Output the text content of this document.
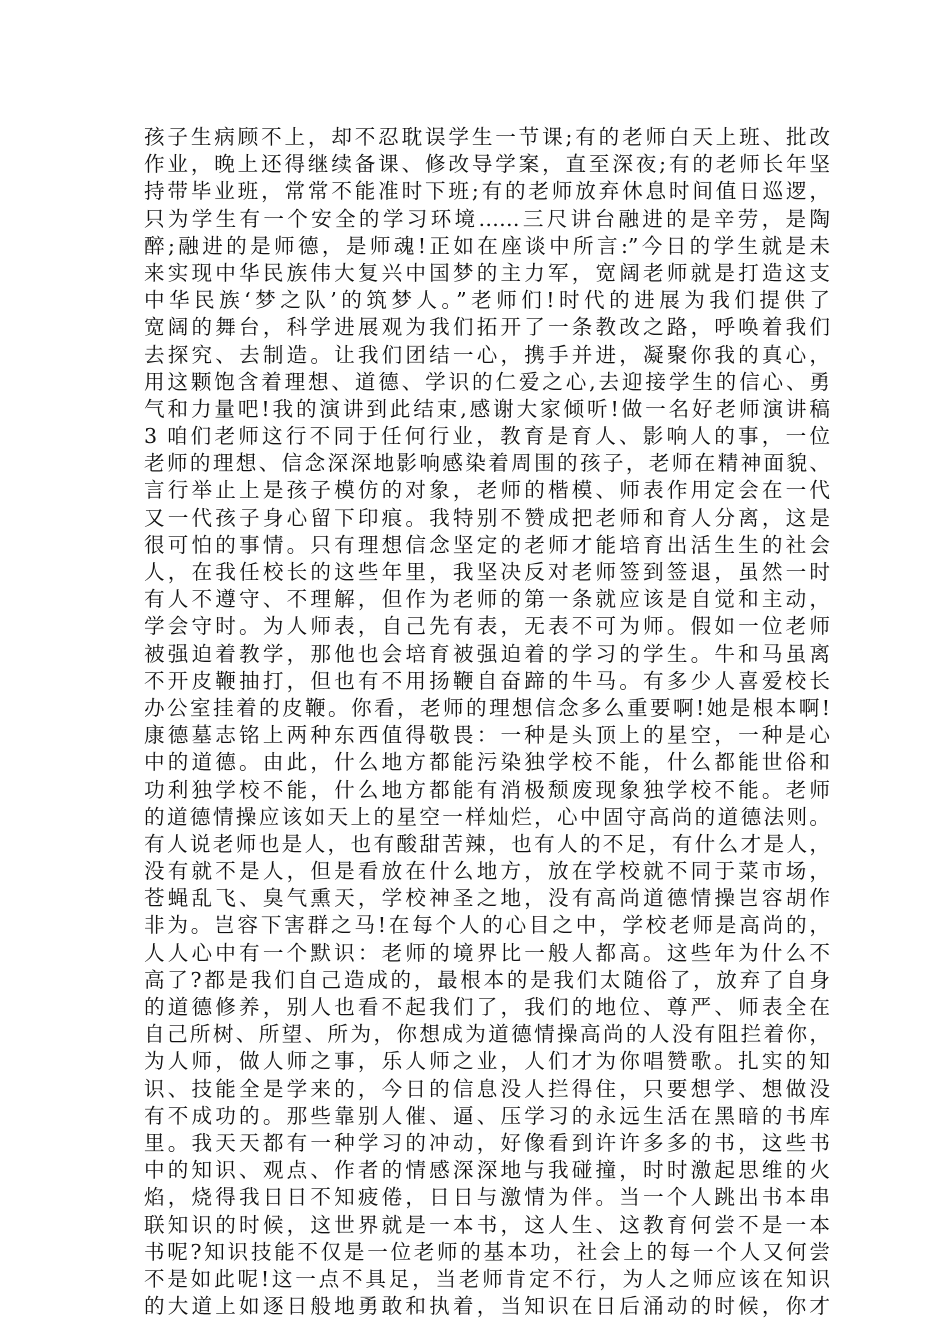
孩子生病顾不上，却不忍耽误学生一节课;有的老师白天上班、批改
作业，晚上还得继续备课、修改导学案，直至深夜;有的老师长年坚
持带毕业班，常常不能准时下班;有的老师放弃休息时间值日巡逻，
只为学生有一个安全的学习环境……三尺讲台融进的是辛劳，是陶
醉;融进的是师德，是师魂!正如在座谈中所言:”今日的学生就是未
来实现中华民族伟大复兴中国梦的主力军，宽阔老师就是打造这支
中华民族‘梦之队’的筑梦人。”老师们!时代的进展为我们提供了
宽阔的舞台，科学进展观为我们拓开了一条教改之路，呼唤着我们
去探究、去制造。让我们团结一心，携手并进，凝聚你我的真心，
用这颗饱含着理想、道德、学识的仁爱之心,去迎接学生的信心、勇
气和力量吧!我的演讲到此结束,感谢大家倾听!做一名好老师演讲稿
3 咱们老师这行不同于任何行业，教育是育人、影响人的事，一位
老师的理想、信念深深地影响感染着周围的孩子，老师在精神面貌、
言行举止上是孩子模仿的对象，老师的楷模、师表作用定会在一代
又一代孩子身心留下印痕。我特别不赞成把老师和育人分离，这是
很可怕的事情。只有理想信念坚定的老师才能培育出活生生的社会
人，在我任校长的这些年里，我坚决反对老师签到签退，虽然一时
有人不遵守、不理解，但作为老师的第一条就应该是自觉和主动，
学会守时。为人师表，自己先有表，无表不可为师。假如一位老师
被强迫着教学，那他也会培育被强迫着的学习的学生。牛和马虽离
不开皮鞭抽打，但也有不用扬鞭自奋蹄的牛马。有多少人喜爱校长
办公室挂着的皮鞭。你看，老师的理想信念多么重要啊!她是根本啊!
康德墓志铭上两种东西值得敬畏：一种是头顶上的星空，一种是心
中的道德。由此，什么地方都能污染独学校不能，什么都能世俗和
功利独学校不能，什么地方都能有消极颓废现象独学校不能。老师
的道德情操应该如天上的星空一样灿烂，心中固守高尚的道德法则。
有人说老师也是人，也有酸甜苦辣，也有人的不足，有什么才是人，
没有就不是人，但是看放在什么地方，放在学校就不同于菜市场，
苍蝇乱飞、臭气熏天，学校神圣之地，没有高尚道德情操岂容胡作
非为。岂容下害群之马!在每个人的心目之中，学校老师是高尚的，
人人心中有一个默识：老师的境界比一般人都高。这些年为什么不
高了?都是我们自己造成的，最根本的是我们太随俗了，放弃了自身
的道德修养，别人也看不起我们了，我们的地位、尊严、师表全在
自己所树、所望、所为，你想成为道德情操高尚的人没有阻拦着你，
为人师，做人师之事，乐人师之业，人们才为你唱赞歌。扎实的知
识、技能全是学来的，今日的信息没人拦得住，只要想学、想做没
有不成功的。那些靠别人催、逼、压学习的永远生活在黑暗的书库
里。我天天都有一种学习的冲动，好像看到许许多多的书，这些书
中的知识、观点、作者的情感深深地与我碰撞，时时激起思维的火
焰，烧得我日日不知疲倦，日日与激情为伴。当一个人跳出书本串
联知识的时候，这世界就是一本书，这人生、这教育何尝不是一本
书呢?知识技能不仅是一位老师的基本功，社会上的每一个人又何尝
不是如此呢!这一点不具足，当老师肯定不行，为人之师应该在知识
的大道上如逐日般地勇敢和执着，当知识在日后涌动的时候，你才
